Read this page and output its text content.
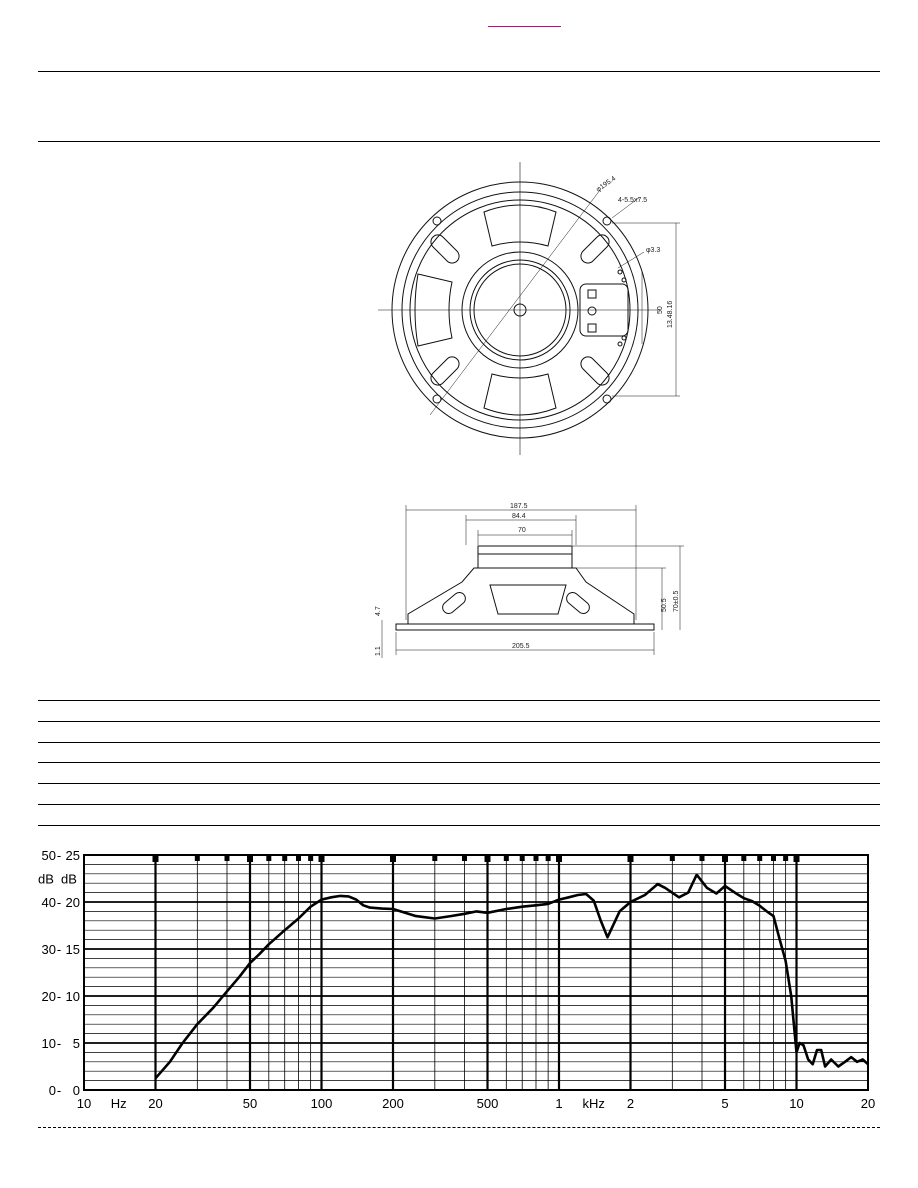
φ195.4
4-5.5x7.5
φ3.3
50 13.48.16
187.5
84.4
70
205.5
70±0.5
50.5
4.7
1.1
10	20	50	100	200	500	1	2	5	10	20
Hz	kHz
50
40
30
20
10
0
25
20
15
10
5
0
-
-
-
-
-
-
dB dB
